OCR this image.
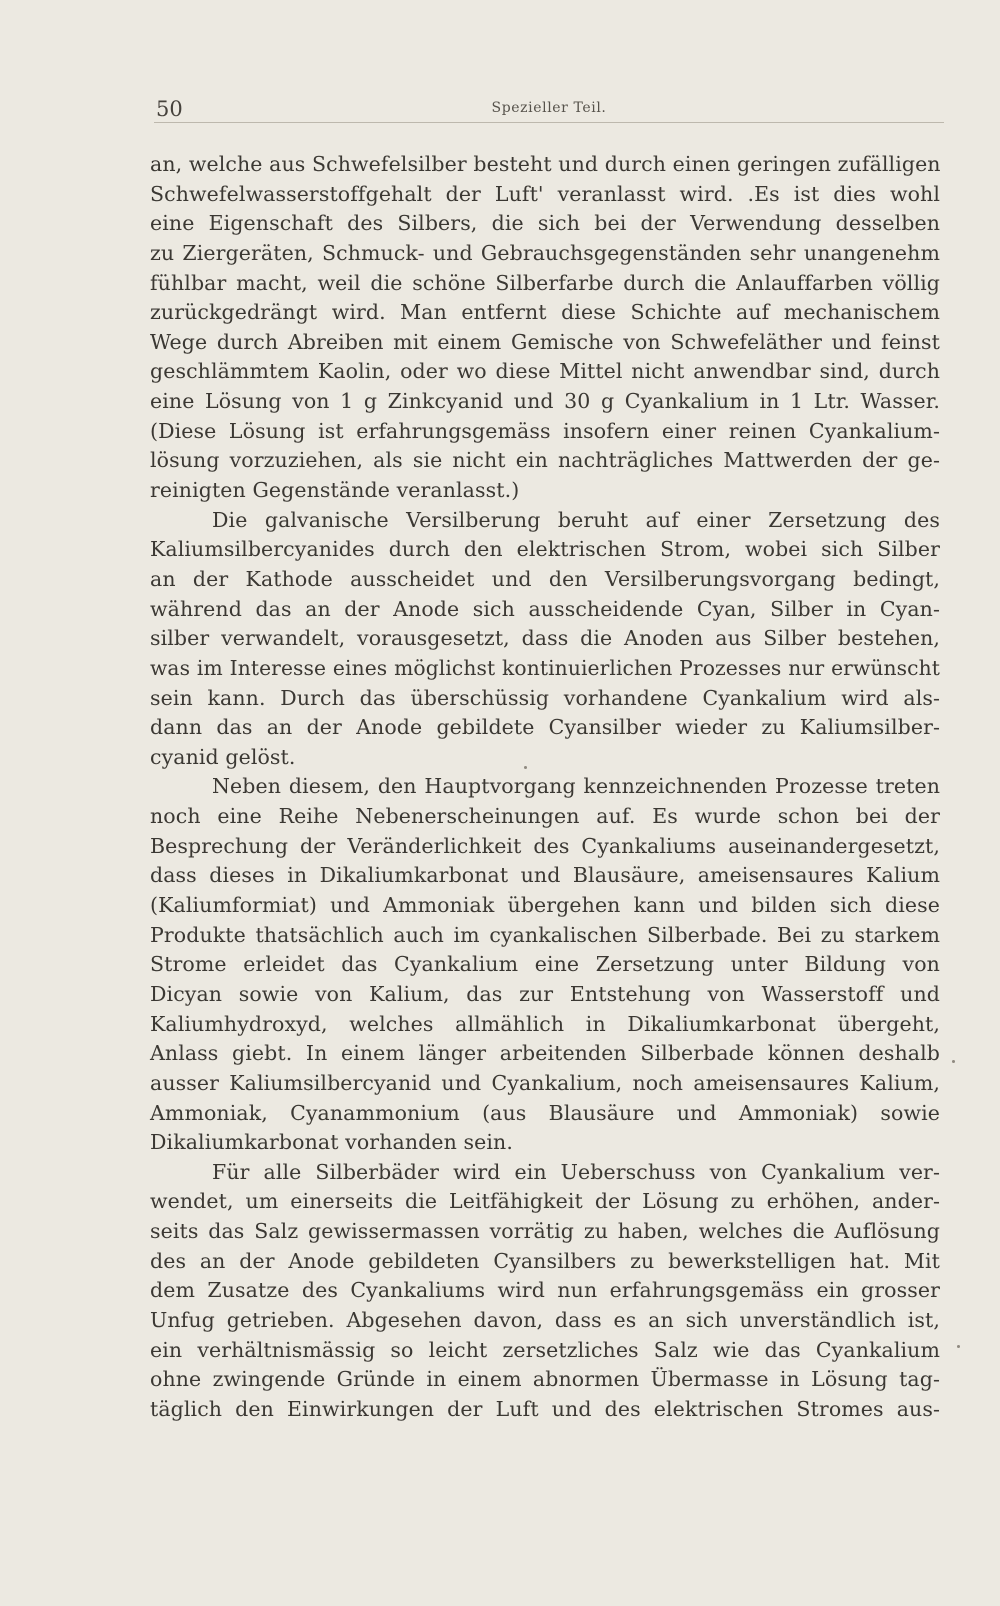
50	Spezieller Teil.
an, welche aus Schwefelsilber besteht und durch einen geringen zufälligen
Schwefelwasserstoffgehalt der Luft' veranlasst wird. .Es ist dies wohl
eine Eigenschaft des Silbers, die sich bei der Verwendung desselben
zu Ziergeräten, Schmuck- und Gebrauchsgegenständen sehr unangenehm
fühlbar macht, weil die schöne Silberfarbe durch die Anlauffarben völlig
zurückgedrängt wird. Man entfernt diese Schichte auf mechanischem
Wege durch Abreiben mit einem Gemische von Schwefeläther und feinst
geschlämmtem Kaolin, oder wo diese Mittel nicht anwendbar sind, durch
eine Lösung von 1 g Zinkcyanid und 30 g Cyankalium in 1 Ltr. Wasser.
(Diese Lösung ist erfahrungsgemäss insofern einer reinen Cyankalium-
lösung vorzuziehen, als sie nicht ein nachträgliches Mattwerden der ge-
reinigten Gegenstände veranlasst.)
Die galvanische Versilberung beruht auf einer Zersetzung des
Kaliumsilbercyanides durch den elektrischen Strom, wobei sich Silber
an der Kathode ausscheidet und den Versilberungsvorgang bedingt,
während das an der Anode sich ausscheidende Cyan, Silber in Cyan-
silber verwandelt, vorausgesetzt, dass die Anoden aus Silber bestehen,
was im Interesse eines möglichst kontinuierlichen Prozesses nur erwünscht
sein kann. Durch das überschüssig vorhandene Cyankalium wird als-
dann das an der Anode gebildete Cyansilber wieder zu Kaliumsilber-
cyanid gelöst.
Neben diesem, den Hauptvorgang kennzeichnenden Prozesse treten
noch eine Reihe Nebenerscheinungen auf. Es wurde schon bei der
Besprechung der Veränderlichkeit des Cyankaliums auseinandergesetzt,
dass dieses in Dikaliumkarbonat und Blausäure, ameisensaures Kalium
(Kaliumformiat) und Ammoniak übergehen kann und bilden sich diese
Produkte thatsächlich auch im cyankalischen Silberbade. Bei zu starkem
Strome erleidet das Cyankalium eine Zersetzung unter Bildung von
Dicyan sowie von Kalium, das zur Entstehung von Wasserstoff und
Kaliumhydroxyd, welches allmählich in Dikaliumkarbonat übergeht,
Anlass giebt. In einem länger arbeitenden Silberbade können deshalb
ausser Kaliumsilbercyanid und Cyankalium, noch ameisensaures Kalium,
Ammoniak, Cyanammonium (aus Blausäure und Ammoniak) sowie
Dikaliumkarbonat vorhanden sein.
Für alle Silberbäder wird ein Ueberschuss von Cyankalium ver-
wendet, um einerseits die Leitfähigkeit der Lösung zu erhöhen, ander-
seits das Salz gewissermassen vorrätig zu haben, welches die Auflösung
des an der Anode gebildeten Cyansilbers zu bewerkstelligen hat. Mit
dem Zusatze des Cyankaliums wird nun erfahrungsgemäss ein grosser
Unfug getrieben. Abgesehen davon, dass es an sich unverständlich ist,
ein verhältnismässig so leicht zersetzliches Salz wie das Cyankalium
ohne zwingende Gründe in einem abnormen Übermasse in Lösung tag-
täglich den Einwirkungen der Luft und des elektrischen Stromes aus-
